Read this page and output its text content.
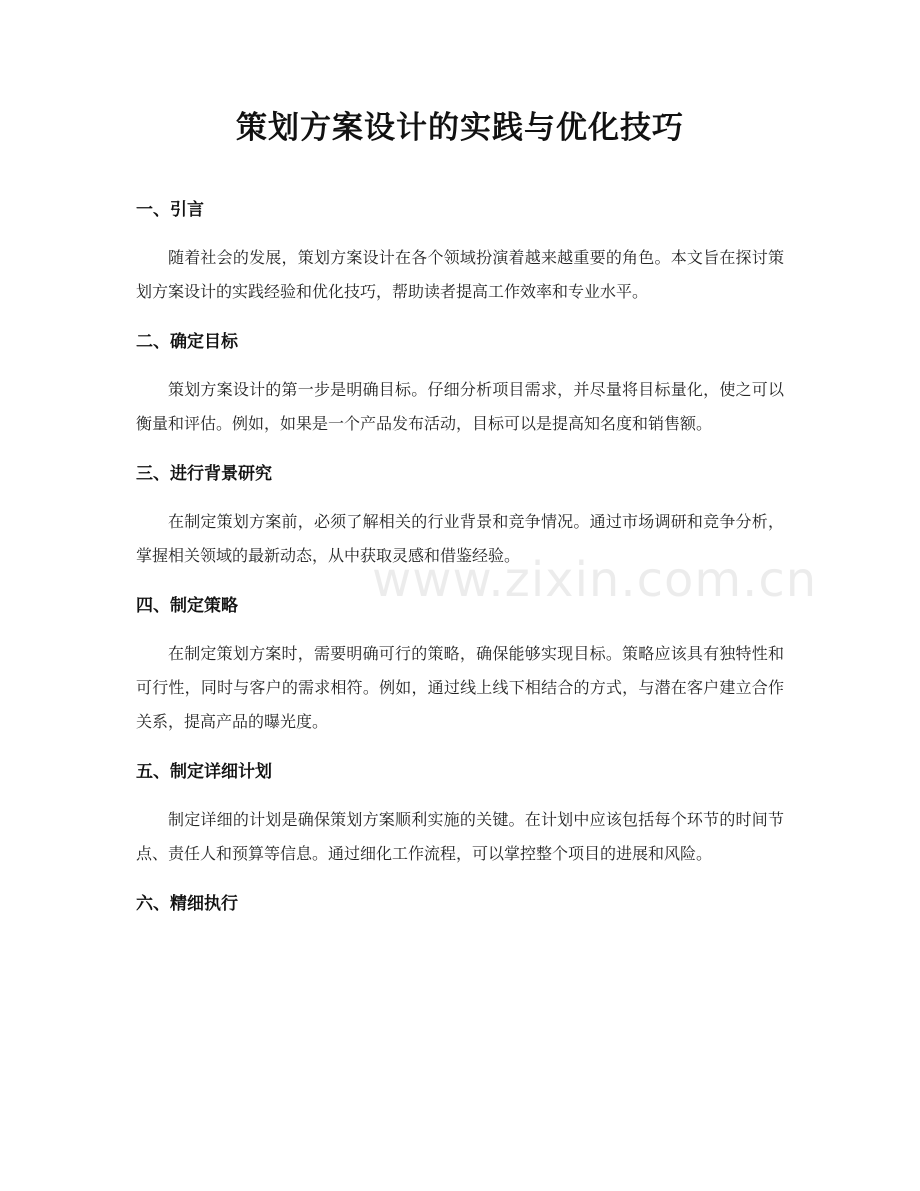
策划方案设计的实践与优化技巧
一、引言

随着社会的发展，策划方案设计在各个领域扮演着越来越重要的角色。本文旨在探讨策划方案设计的实践经验和优化技巧，帮助读者提高工作效率和专业水平。

二、确定目标

策划方案设计的第一步是明确目标。仔细分析项目需求，并尽量将目标量化，使之可以衡量和评估。例如，如果是一个产品发布活动，目标可以是提高知名度和销售额。

三、进行背景研究

在制定策划方案前，必须了解相关的行业背景和竞争情况。通过市场调研和竞争分析，掌握相关领域的最新动态，从中获取灵感和借鉴经验。

四、制定策略

在制定策划方案时，需要明确可行的策略，确保能够实现目标。策略应该具有独特性和可行性，同时与客户的需求相符。例如，通过线上线下相结合的方式，与潜在客户建立合作关系，提高产品的曝光度。

五、制定详细计划

制定详细的计划是确保策划方案顺利实施的关键。在计划中应该包括每个环节的时间节点、责任人和预算等信息。通过细化工作流程，可以掌控整个项目的进展和风险。

六、精细执行
www.zixin.com.cn
